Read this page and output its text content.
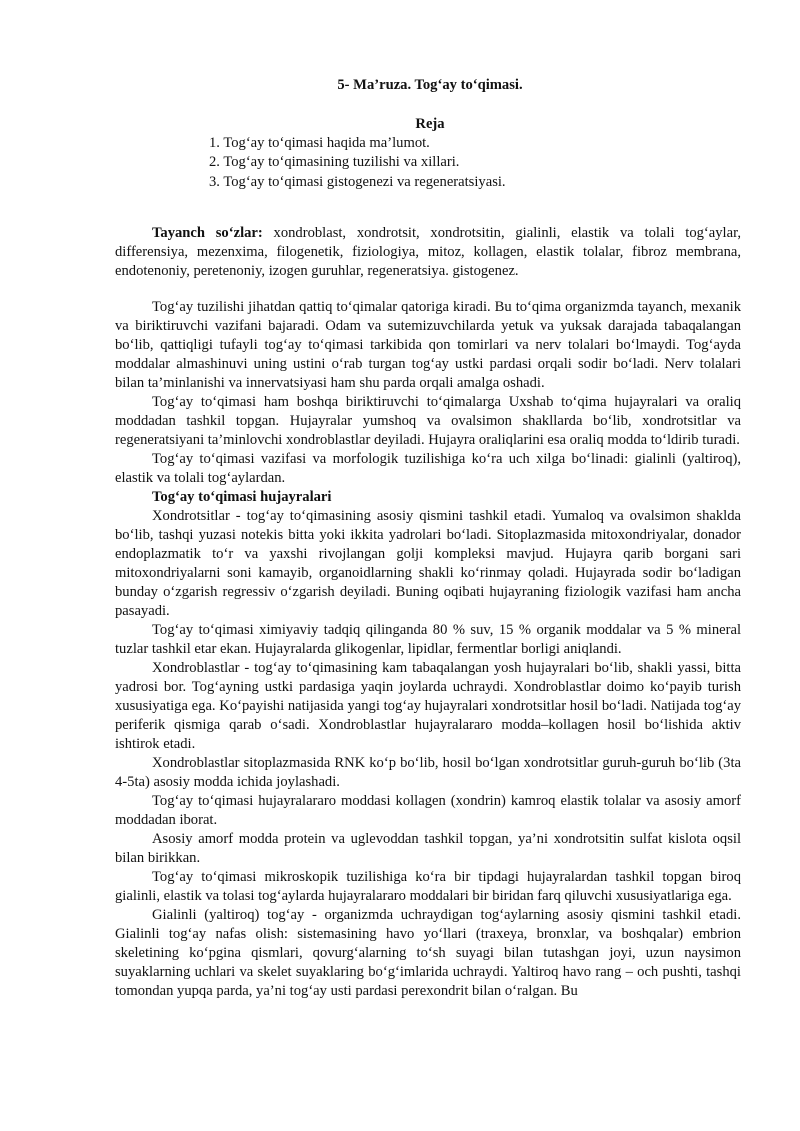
5- Ma’ruza. Tog‘ay to‘qimasi.
Reja
1. Tog‘ay to‘qimasi haqida ma’lumot.
2. Tog‘ay to‘qimasining tuzilishi va xillari.
3. Tog‘ay to‘qimasi gistogenezi va regeneratsiyasi.

Tayanch so‘zlar: xondroblast, xondrotsit, xondrotsitin, gialinli, elastik va tolali tog‘aylar, differensiya, mezenxima, filogenetik, fiziologiya, mitoz, kollagen, elastik tolalar, fibroz membrana, endotenoniy, peretenoniy, izogen guruhlar, regeneratsiya. gistogenez.

Tog‘ay tuzilishi jihatdan qattiq to‘qimalar qatoriga kiradi. Bu to‘qima organizmda tayanch, mexanik va biriktiruvchi vazifani bajaradi. Odam va sutemizuvchilarda yetuk va yuksak darajada tabaqalangan bo‘lib, qattiqligi tufayli tog‘ay to‘qimasi tarkibida qon tomirlari va nerv tolalari bo‘lmaydi. Tog‘ayda moddalar almashinuvi uning ustini o‘rab turgan tog‘ay ustki pardasi orqali sodir bo‘ladi. Nerv tolalari bilan ta’minlanishi va innervatsiyasi ham shu parda orqali amalga oshadi.

Tog‘ay to‘qimasi ham boshqa biriktiruvchi to‘qimalarga Uxshab to‘qima hujayralari va oraliq moddadan tashkil topgan. Hujayralar yumshoq va ovalsimon shakllarda bo‘lib, xondrotsitlar va regeneratsiyani ta’minlovchi xondroblastlar deyiladi. Hujayra oraliqlarini esa oraliq modda to‘ldirib turadi.

Tog‘ay to‘qimasi vazifasi va morfologik tuzilishiga ko‘ra uch xilga bo‘linadi: gialinli (yaltiroq), elastik va tolali tog‘aylardan.

Tog‘ay to‘qimasi hujayralari

Xondrotsitlar - tog‘ay to‘qimasining asosiy qismini tashkil etadi. Yumaloq va ovalsimon shaklda bo‘lib, tashqi yuzasi notekis bitta yoki ikkita yadrolari bo‘ladi. Sitoplazmasida mitoxondriyalar, donador endoplazmatik to‘r va yaxshi rivojlangan golji kompleksi mavjud. Hujayra qarib borgani sari mitoxondriyalarni soni kamayib, organoidlarning shakli ko‘rinmay qoladi. Hujayrada sodir bo‘ladigan bunday o‘zgarish regressiv o‘zgarish deyiladi. Buning oqibati hujayraning fiziologik vazifasi ham ancha pasayadi.

Tog‘ay to‘qimasi ximiyaviy tadqiq qilinganda 80 % suv, 15 % organik moddalar va 5 % mineral tuzlar tashkil etar ekan. Hujayralarda glikogenlar, lipidlar, fermentlar borligi aniqlandi.

Xondroblastlar - tog‘ay to‘qimasining kam tabaqalangan yosh hujayralari bo‘lib, shakli yassi, bitta yadrosi bor. Tog‘ayning ustki pardasiga yaqin joylarda uchraydi. Xondroblastlar doimo ko‘payib turish xususiyatiga ega. Ko‘payishi natijasida yangi tog‘ay hujayralari xondrotsitlar hosil bo‘ladi. Natijada tog‘ay periferik qismiga qarab o‘sadi. Xondroblastlar hujayralararo modda–kollagen hosil bo‘lishida aktiv ishtirok etadi.

Xondroblastlar sitoplazmasida RNK ko‘p bo‘lib, hosil bo‘lgan xondrotsitlar guruh-guruh bo‘lib (3ta 4-5ta) asosiy modda ichida joylashadi.

Tog‘ay to‘qimasi hujayralararo moddasi kollagen (xondrin) kamroq elastik tolalar va asosiy amorf moddadan iborat.

Asosiy amorf modda protein va uglevoddan tashkil topgan, ya’ni xondrotsitin sulfat kislota oqsil bilan birikkan.

Tog‘ay to‘qimasi mikroskopik tuzilishiga ko‘ra bir tipdagi hujayralardan tashkil topgan biroq gialinli, elastik va tolasi tog‘aylarda hujayralararo moddalari bir biridan farq qiluvchi xususiyatlariga ega.

Gialinli (yaltiroq) tog‘ay - organizmda uchraydigan tog‘aylarning asosiy qismini tashkil etadi. Gialinli tog‘ay nafas olish: sistemasining havo yo‘llari (traxeya, bronxlar, va boshqalar) embrion skeletining ko‘pgina qismlari, qovurg‘alarning to‘sh suyagi bilan tutashgan joyi, uzun naysimon suyaklarning uchlari va skelet suyaklaring bo‘g‘imlarida uchraydi. Yaltiroq havo rang – och pushti, tashqi tomondan yupqa parda, ya’ni tog‘ay usti pardasi perexondrit bilan o‘ralgan. Bu
